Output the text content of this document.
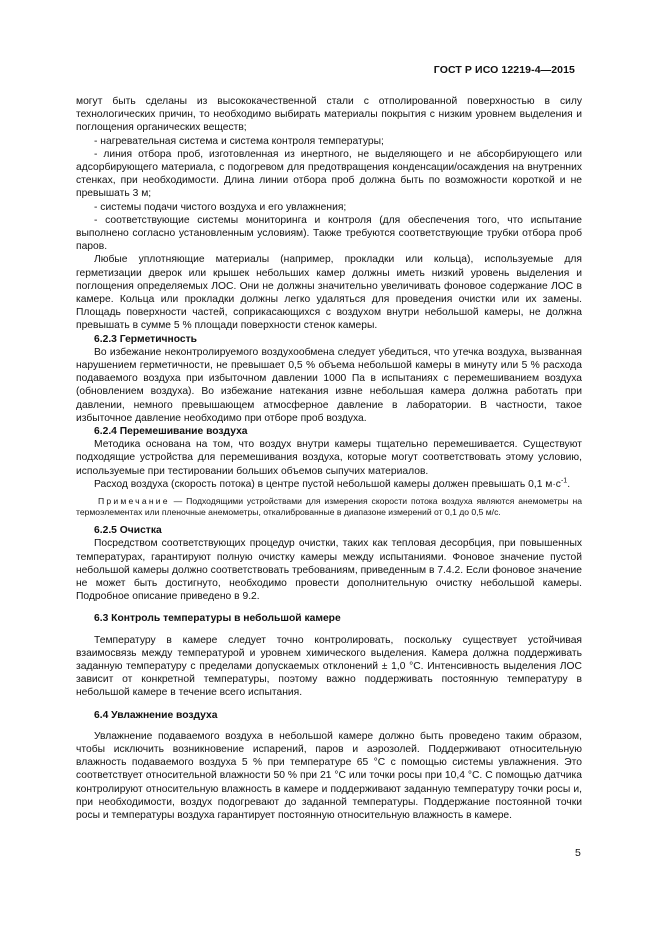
ГОСТ Р ИСО 12219-4—2015

могут быть сделаны из высококачественной стали с отполированной поверхностью в силу технологических причин, то необходимо выбирать материалы покрытия с низким уровнем выделения и поглощения органических веществ;

- нагревательная система и система контроля температуры;

- линия отбора проб, изготовленная из инертного, не выделяющего и не абсорбирующего или адсорбирующего материала, с подогревом для предотвращения конденсации/осаждения на внутренних стенках, при необходимости. Длина линии отбора проб должна быть по возможности короткой и не превышать 3 м;

- системы подачи чистого воздуха и его увлажнения;

- соответствующие системы мониторинга и контроля (для обеспечения того, что испытание выполнено согласно установленным условиям). Также требуются соответствующие трубки отбора проб паров.

Любые уплотняющие материалы (например, прокладки или кольца), используемые для герметизации дверок или крышек небольших камер должны иметь низкий уровень выделения и поглощения определяемых ЛОС. Они не должны значительно увеличивать фоновое содержание ЛОС в камере. Кольца или прокладки должны легко удаляться для проведения очистки или их замены. Площадь поверхности частей, соприкасающихся с воздухом внутри небольшой камеры, не должна превышать в сумме 5 % площади поверхности стенок камеры.

6.2.3 Герметичность

Во избежание неконтролируемого воздухообмена следует убедиться, что утечка воздуха, вызванная нарушением герметичности, не превышает 0,5 % объема небольшой камеры в минуту или 5 % расхода подаваемого воздуха при избыточном давлении 1000 Па в испытаниях с перемешиванием воздуха (обновлением воздуха). Во избежание натекания извне небольшая камера должна работать при давлении, немного превышающем атмосферное давление в лаборатории. В частности, такое избыточное давление необходимо при отборе проб воздуха.

6.2.4 Перемешивание воздуха

Методика основана на том, что воздух внутри камеры тщательно перемешивается. Существуют подходящие устройства для перемешивания воздуха, которые могут соответствовать этому условию, используемые при тестировании больших объемов сыпучих материалов.

Расход воздуха (скорость потока) в центре пустой небольшой камеры должен превышать 0,1 $м\cdot с^{-1}$.

Примечание — Подходящими устройствами для измерения скорости потока воздуха являются анемометры на термоэлементах или пленочные анемометры, откалиброванные в диапазоне измерений от 0,1 до 0,5 м/с.

6.2.5 Очистка

Посредством соответствующих процедур очистки, таких как тепловая десорбция, при повышенных температурах, гарантируют полную очистку камеры между испытаниями. Фоновое значение пустой небольшой камеры должно соответствовать требованиям, приведенным в 7.4.2. Если фоновое значение не может быть достигнуто, необходимо провести дополнительную очистку небольшой камеры. Подробное описание приведено в 9.2.

6.3 Контроль температуры в небольшой камере

Температуру в камере следует точно контролировать, поскольку существует устойчивая взаимосвязь между температурой и уровнем химического выделения. Камера должна поддерживать заданную температуру с пределами допускаемых отклонений ± 1,0 °С. Интенсивность выделения ЛОС зависит от конкретной температуры, поэтому важно поддерживать постоянную температуру в небольшой камере в течение всего испытания.

6.4 Увлажнение воздуха

Увлажнение подаваемого воздуха в небольшой камере должно быть проведено таким образом, чтобы исключить возникновение испарений, паров и аэрозолей. Поддерживают относительную влажность подаваемого воздуха 5 % при температуре 65 °С с помощью системы увлажнения. Это соответствует относительной влажности 50 % при 21 °С или точки росы при 10,4 °С. С помощью датчика контролируют относительную влажность в камере и поддерживают заданную температуру точки росы и, при необходимости, воздух подогревают до заданной температуры. Поддержание постоянной точки росы и температуры воздуха гарантирует постоянную относительную влажность в камере.

5
